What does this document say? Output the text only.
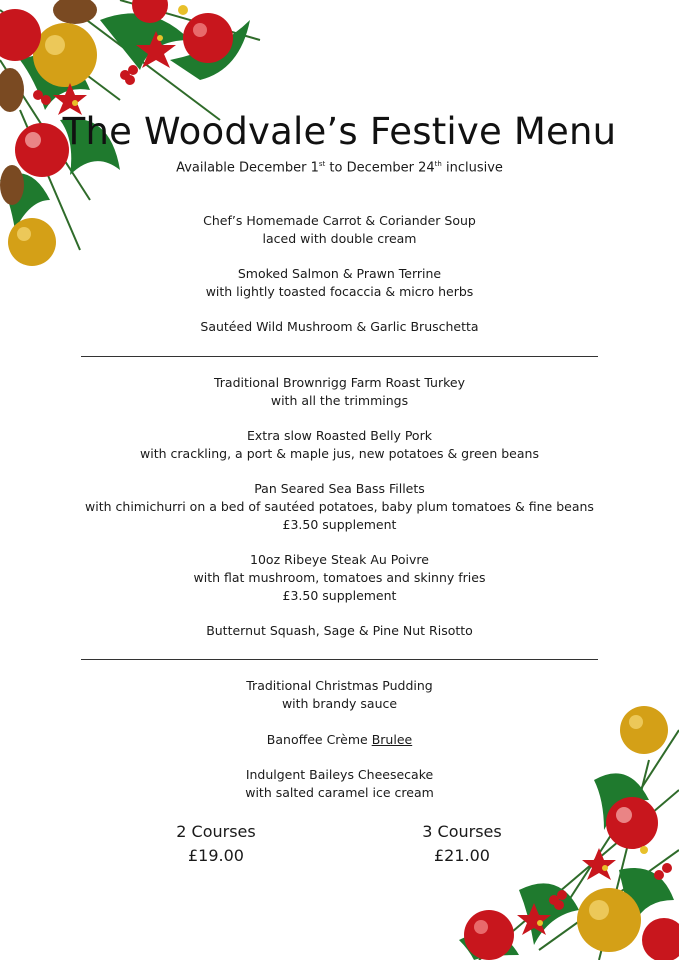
The Woodvale’s Festive Menu
Available December 1st to December 24th inclusive
Chef’s Homemade Carrot & Coriander Soup
laced with double cream
Smoked Salmon & Prawn Terrine
with lightly toasted focaccia & micro herbs
Sautéed Wild Mushroom & Garlic Bruschetta
Traditional Brownrigg Farm Roast Turkey
with all the trimmings
Extra slow Roasted Belly Pork
with crackling, a port & maple jus, new potatoes & green beans
Pan Seared Sea Bass Fillets
with chimichurri on a bed of sautéed potatoes, baby plum tomatoes & fine beans
£3.50 supplement
10oz Ribeye Steak Au Poivre
with flat mushroom, tomatoes and skinny fries
£3.50 supplement
Butternut Squash, Sage & Pine Nut Risotto
Traditional Christmas Pudding
with brandy sauce
Banoffee Crème Brulee
Indulgent Baileys Cheesecake
with salted caramel ice cream
2 Courses
£19.00
3 Courses
£21.00
